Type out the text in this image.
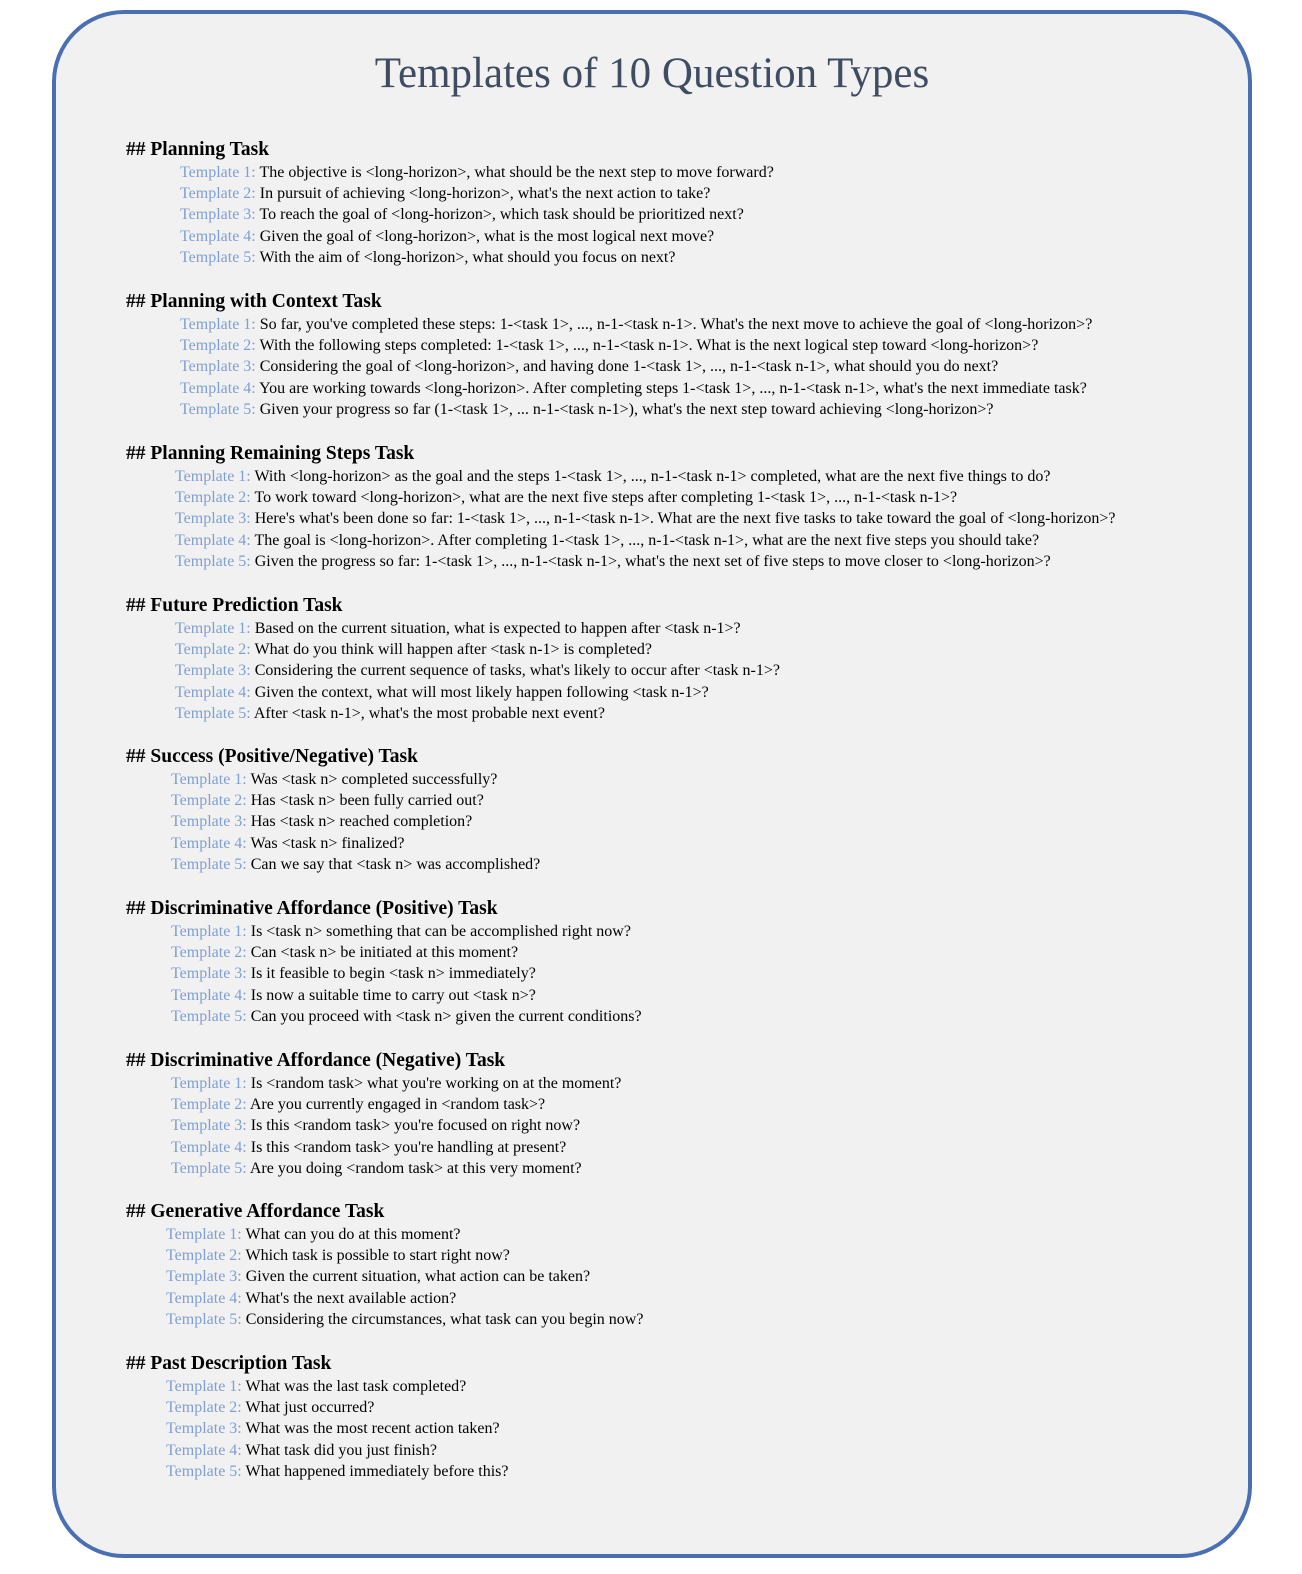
Templates of 10 Question Types
## Planning Task
Template 1: The objective is <long-horizon>, what should be the next step to move forward?
Template 2: In pursuit of achieving <long-horizon>, what's the next action to take?
Template 3: To reach the goal of <long-horizon>, which task should be prioritized next?
Template 4: Given the goal of <long-horizon>, what is the most logical next move?
Template 5: With the aim of <long-horizon>, what should you focus on next?
## Planning with Context Task
Template 1: So far, you've completed these steps: 1-<task 1>, ..., n-1-<task n-1>. What's the next move to achieve the goal of <long-horizon>?
Template 2: With the following steps completed: 1-<task 1>, ..., n-1-<task n-1>. What is the next logical step toward <long-horizon>?
Template 3: Considering the goal of <long-horizon>, and having done 1-<task 1>, ..., n-1-<task n-1>, what should you do next?
Template 4: You are working towards <long-horizon>. After completing steps 1-<task 1>, ..., n-1-<task n-1>, what's the next immediate task?
Template 5: Given your progress so far (1-<task 1>, ... n-1-<task n-1>), what's the next step toward achieving <long-horizon>?
## Planning Remaining Steps Task
Template 1: With <long-horizon> as the goal and the steps 1-<task 1>, ..., n-1-<task n-1> completed, what are the next five things to do?
Template 2: To work toward <long-horizon>, what are the next five steps after completing 1-<task 1>, ..., n-1-<task n-1>?
Template 3: Here's what's been done so far: 1-<task 1>, ..., n-1-<task n-1>. What are the next five tasks to take toward the goal of <long-horizon>?
Template 4: The goal is <long-horizon>. After completing 1-<task 1>, ..., n-1-<task n-1>, what are the next five steps you should take?
Template 5: Given the progress so far: 1-<task 1>, ..., n-1-<task n-1>, what's the next set of five steps to move closer to <long-horizon>?
## Future Prediction Task
Template 1: Based on the current situation, what is expected to happen after <task n-1>?
Template 2: What do you think will happen after <task n-1> is completed?
Template 3: Considering the current sequence of tasks, what's likely to occur after <task n-1>?
Template 4: Given the context, what will most likely happen following <task n-1>?
Template 5: After <task n-1>, what's the most probable next event?
## Success (Positive/Negative) Task
Template 1: Was <task n> completed successfully?
Template 2: Has <task n> been fully carried out?
Template 3: Has <task n> reached completion?
Template 4: Was <task n> finalized?
Template 5: Can we say that <task n> was accomplished?
## Discriminative Affordance (Positive) Task
Template 1: Is <task n> something that can be accomplished right now?
Template 2: Can <task n> be initiated at this moment?
Template 3: Is it feasible to begin <task n> immediately?
Template 4: Is now a suitable time to carry out <task n>?
Template 5: Can you proceed with <task n> given the current conditions?
## Discriminative Affordance (Negative) Task
Template 1: Is <random task> what you're working on at the moment?
Template 2: Are you currently engaged in <random task>?
Template 3: Is this <random task> you're focused on right now?
Template 4: Is this <random task> you're handling at present?
Template 5: Are you doing <random task> at this very moment?
## Generative Affordance Task
Template 1: What can you do at this moment?
Template 2: Which task is possible to start right now?
Template 3: Given the current situation, what action can be taken?
Template 4: What's the next available action?
Template 5: Considering the circumstances, what task can you begin now?
## Past Description Task
Template 1: What was the last task completed?
Template 2: What just occurred?
Template 3: What was the most recent action taken?
Template 4: What task did you just finish?
Template 5: What happened immediately before this?
